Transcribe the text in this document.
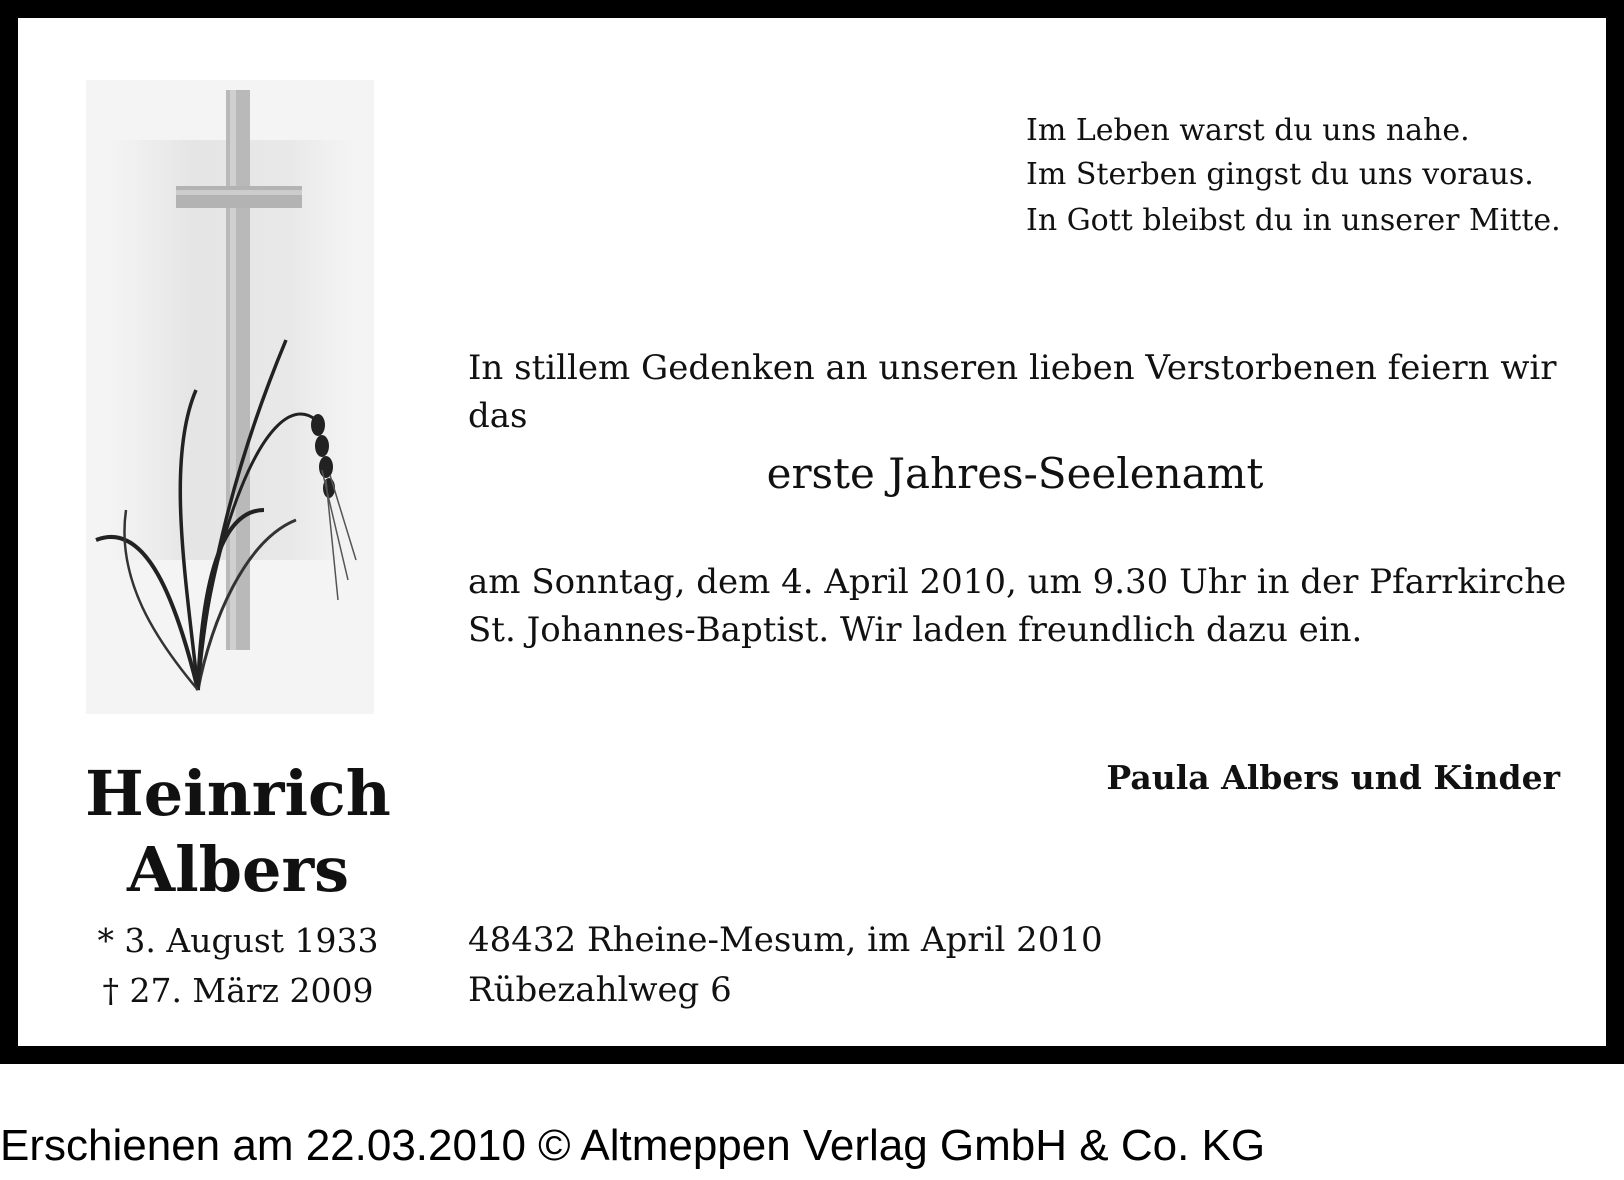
Heinrich
Albers
* 3. August 1933
† 27. März 2009
Im Leben warst du uns nahe.
Im Sterben gingst du uns voraus.
In Gott bleibst du in unserer Mitte.
In stillem Gedenken an unseren lieben Verstorbenen feiern wir das
erste Jahres-Seelenamt
am Sonntag, dem 4. April 2010, um 9.30 Uhr in der Pfarrkirche St. Johannes-Baptist. Wir laden freundlich dazu ein.
Paula Albers und Kinder
48432 Rheine-Mesum, im April 2010
Rübezahlweg 6
Erschienen am 22.03.2010 © Altmeppen Verlag GmbH & Co. KG
